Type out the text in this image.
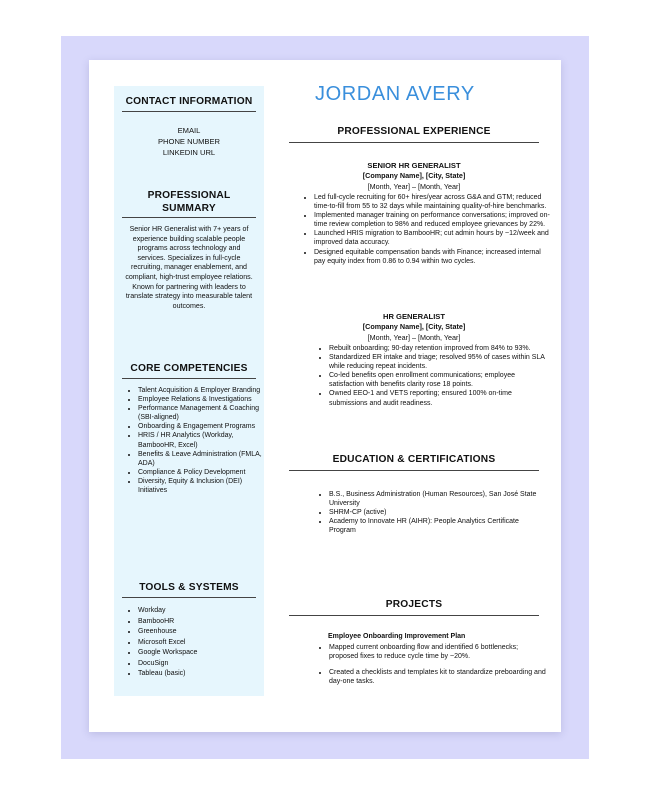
CONTACT INFORMATION
EMAIL
PHONE NUMBER
LINKEDIN URL
PROFESSIONAL
SUMMARY

Senior HR Generalist with 7+ years of experience building scalable people programs across technology and services. Specializes in full-cycle recruiting, manager enablement, and compliant, high-trust employee relations. Known for partnering with leaders to translate strategy into measurable talent outcomes.

CORE COMPETENCIES
• Talent Acquisition & Employer Branding
• Employee Relations & Investigations
• Performance Management & Coaching (SBI-aligned)
• Onboarding & Engagement Programs
• HRIS / HR Analytics (Workday, BambooHR, Excel)
• Benefits & Leave Administration (FMLA, ADA)
• Compliance & Policy Development
• Diversity, Equity & Inclusion (DEI) Initiatives
TOOLS & SYSTEMS
• Workday
• BambooHR
• Greenhouse
• Microsoft Excel
• Google Workspace
• DocuSign
• Tableau (basic)
JORDAN AVERY
PROFESSIONAL EXPERIENCE
SENIOR HR GENERALIST
[Company Name], [City, State]
[Month, Year] – [Month, Year]
• Led full-cycle recruiting for 60+ hires/year across G&A and GTM; reduced time-to-fill from 55 to 32 days while maintaining quality-of-hire benchmarks.
• Implemented manager training on performance conversations; improved on-time review completion to 98% and reduced employee grievances by 22%.
• Launched HRIS migration to BambooHR; cut admin hours by ~12/week and improved data accuracy.
• Designed equitable compensation bands with Finance; increased internal pay equity index from 0.86 to 0.94 within two cycles.
HR GENERALIST
[Company Name], [City, State]
[Month, Year] – [Month, Year]
• Rebuilt onboarding; 90-day retention improved from 84% to 93%.
• Standardized ER intake and triage; resolved 95% of cases within SLA while reducing repeat incidents.
• Co-led benefits open enrollment communications; employee satisfaction with benefits clarity rose 18 points.
• Owned EEO-1 and VETS reporting; ensured 100% on-time submissions and audit readiness.
EDUCATION & CERTIFICATIONS
• B.S., Business Administration (Human Resources), San José State University
• SHRM-CP (active)
• Academy to Innovate HR (AIHR): People Analytics Certificate Program
PROJECTS
Employee Onboarding Improvement Plan
• Mapped current onboarding flow and identified 6 bottlenecks; proposed fixes to reduce cycle time by ~20%.
• Created a checklists and templates kit to standardize preboarding and day-one tasks.
